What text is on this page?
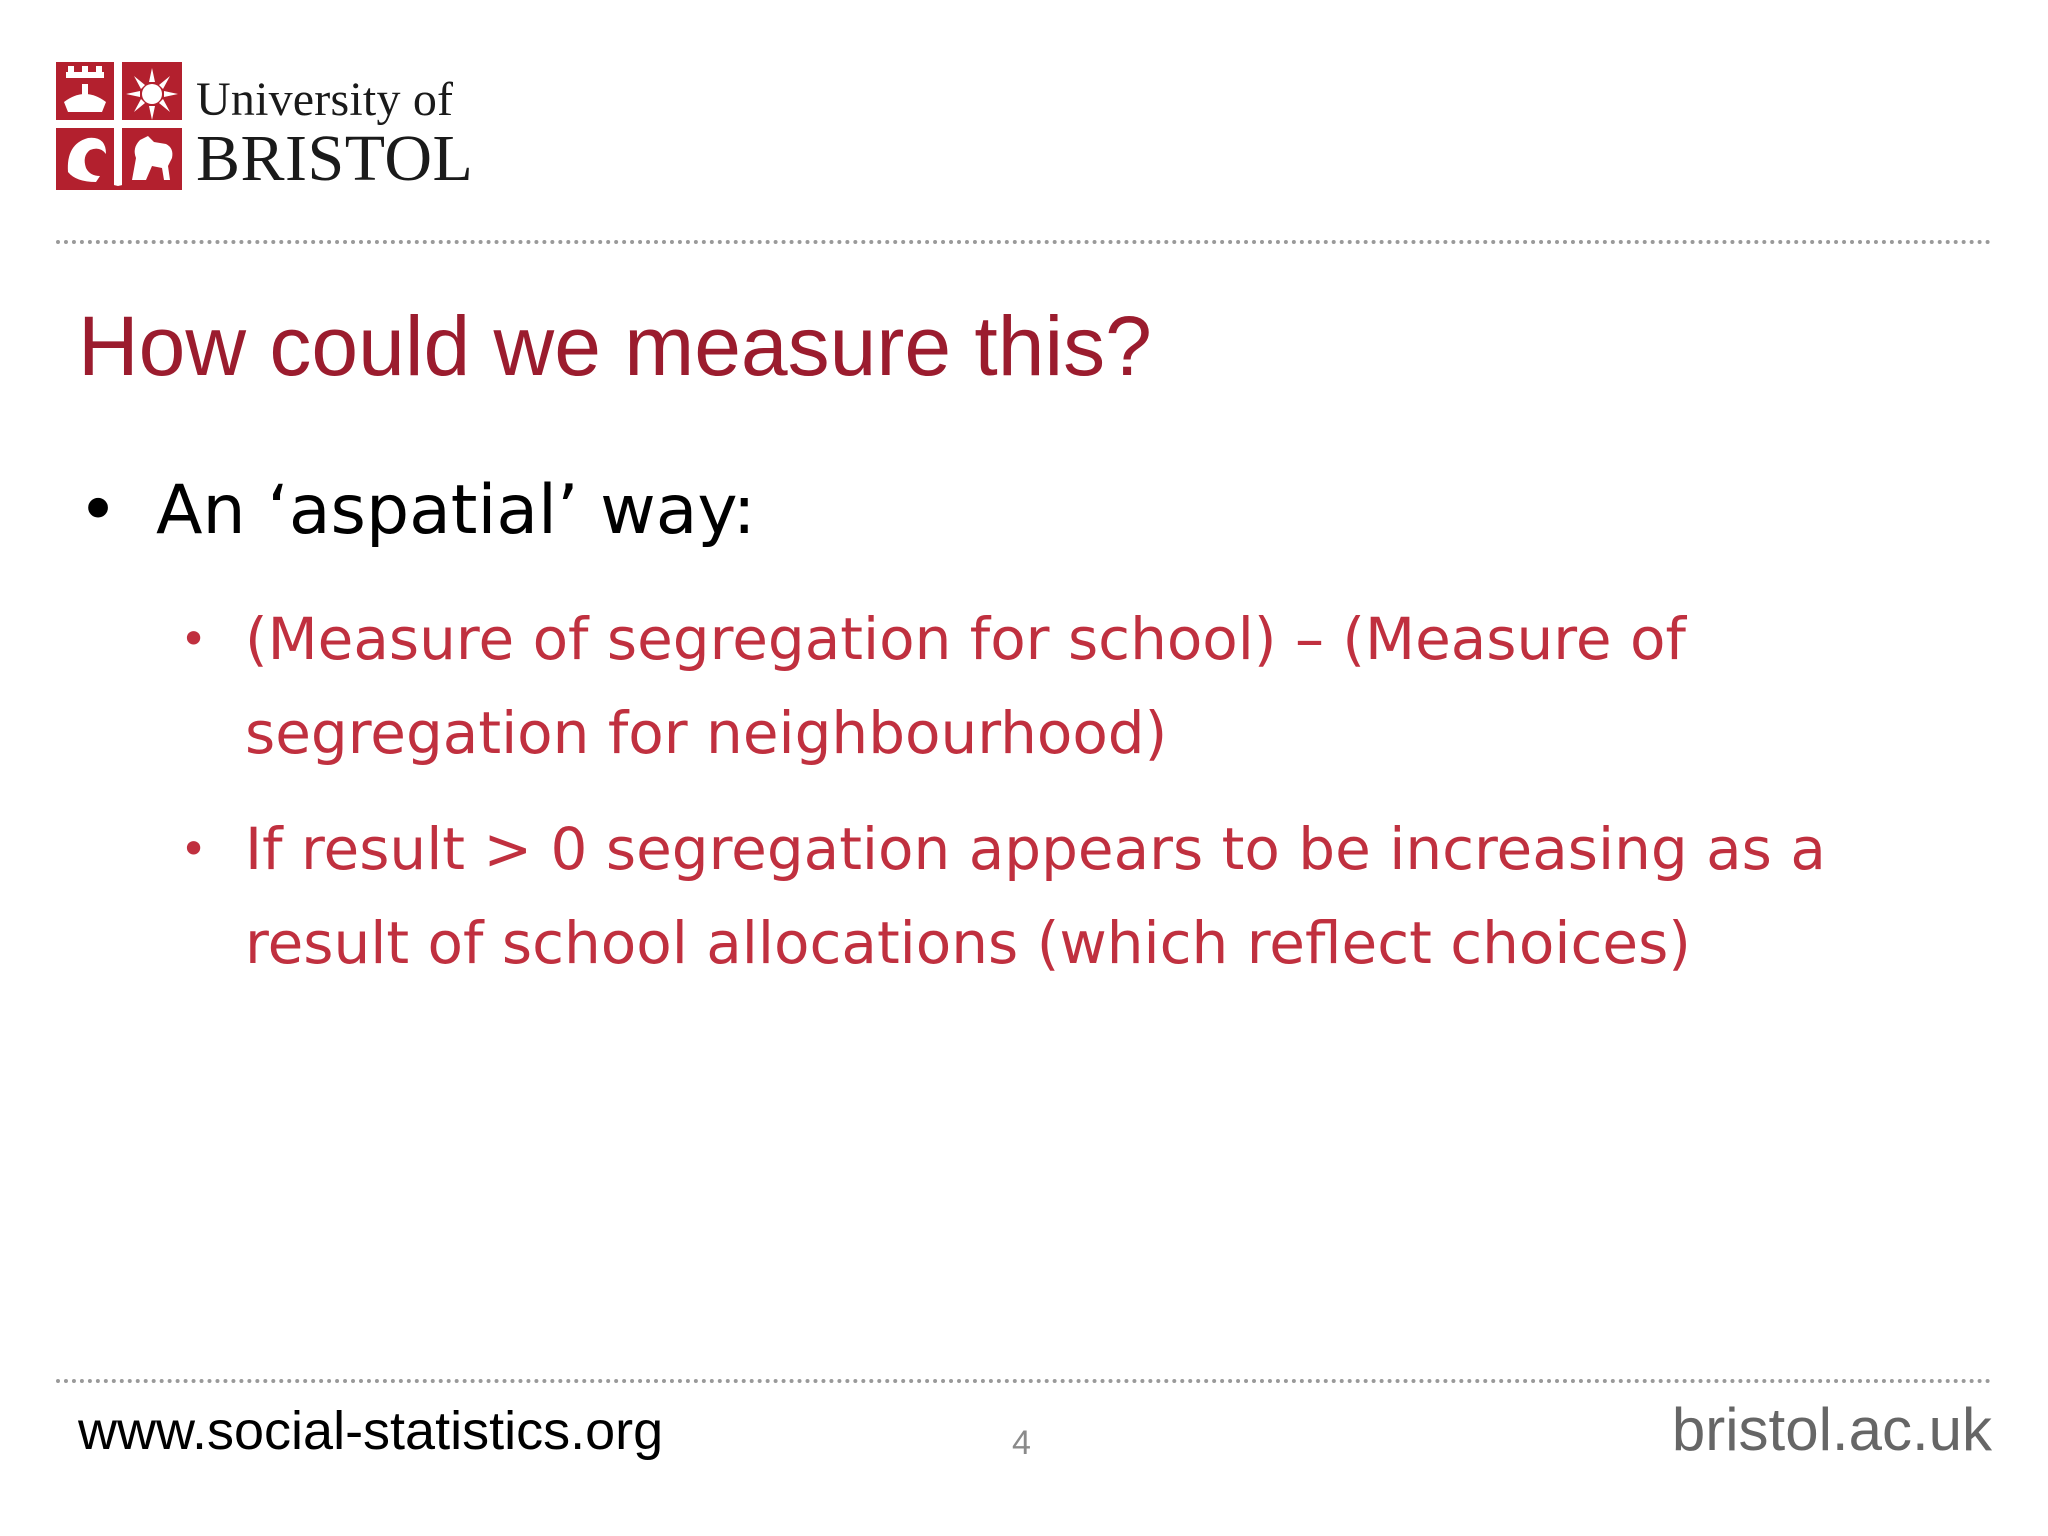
University of
BRISTOL
How could we measure this?
• An ‘aspatial’ way:
• (Measure of segregation for school) – (Measure of
segregation for neighbourhood)
• If result > 0 segregation appears to be increasing as a
result of school allocations (which reflect choices)
www.social-statistics.org	4	bristol.ac.uk
